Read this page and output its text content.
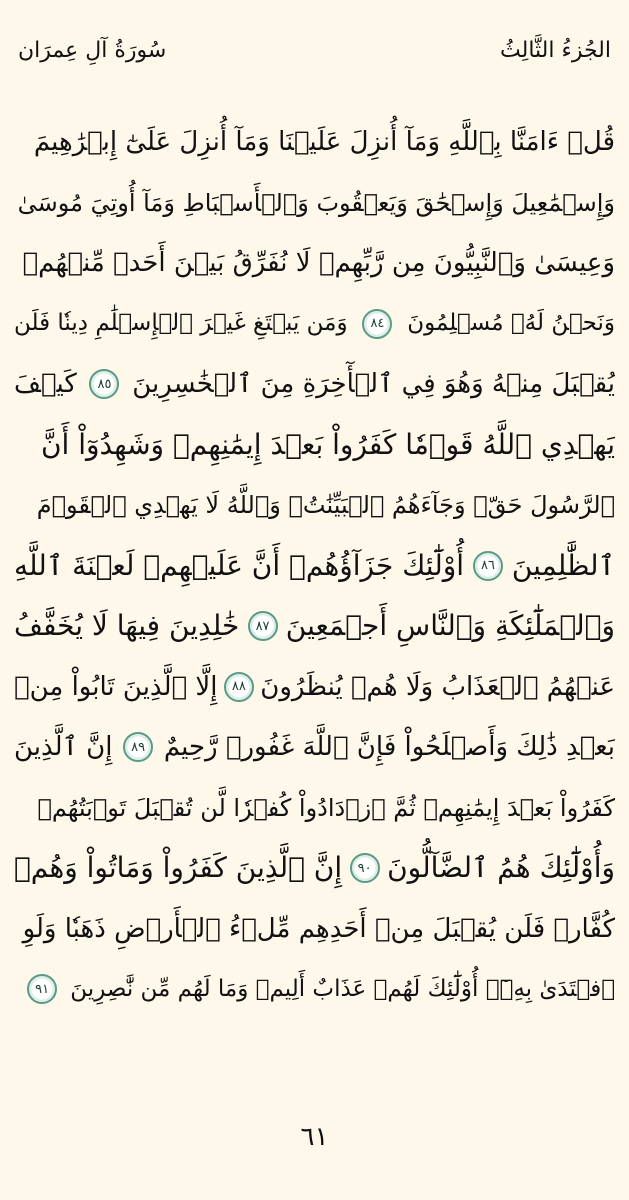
سُورَةُ آلِ عِمرَان	الجُزءُ الثَّالِثُ
قُلۡ ءَامَنَّا بِٱللَّهِ وَمَآ أُنزِلَ عَلَيۡنَا وَمَآ أُنزِلَ عَلَىٰٓ إِبۡرَٰهِيمَ
وَإِسۡمَٰعِيلَ وَإِسۡحَٰقَ وَيَعۡقُوبَ وَٱلۡأَسۡبَاطِ وَمَآ أُوتِيَ مُوسَىٰ
وَعِيسَىٰ وَٱلنَّبِيُّونَ مِن رَّبِّهِمۡ لَا نُفَرِّقُ بَيۡنَ أَحَدٖ مِّنۡهُمۡ
وَنَحۡنُ لَهُۥ مُسۡلِمُونَ
٨٤
وَمَن يَبۡتَغِ غَيۡرَ ٱلۡإِسۡلَٰمِ دِينٗا فَلَن
يُقۡبَلَ مِنۡهُ وَهُوَ فِي ٱلۡأٓخِرَةِ مِنَ ٱلۡخَٰسِرِينَ
٨٥
كَيۡفَ
يَهۡدِي ٱللَّهُ قَوۡمٗا كَفَرُواْ بَعۡدَ إِيمَٰنِهِمۡ وَشَهِدُوٓاْ أَنَّ
ٱلرَّسُولَ حَقّٞ وَجَآءَهُمُ ٱلۡبَيِّنَٰتُۚ وَٱللَّهُ لَا يَهۡدِي ٱلۡقَوۡمَ
ٱلظَّٰلِمِينَ
٨٦
أُوْلَٰٓئِكَ جَزَآؤُهُمۡ أَنَّ عَلَيۡهِمۡ لَعۡنَةَ ٱللَّهِ
وَٱلۡمَلَٰٓئِكَةِ وَٱلنَّاسِ أَجۡمَعِينَ
٨٧
خَٰلِدِينَ فِيهَا لَا يُخَفَّفُ
عَنۡهُمُ ٱلۡعَذَابُ وَلَا هُمۡ يُنظَرُونَ
٨٨
إِلَّا ٱلَّذِينَ تَابُواْ مِنۢ
بَعۡدِ ذَٰلِكَ وَأَصۡلَحُواْ فَإِنَّ ٱللَّهَ غَفُورٞ رَّحِيمٌ
٨٩
إِنَّ ٱلَّذِينَ
كَفَرُواْ بَعۡدَ إِيمَٰنِهِمۡ ثُمَّ ٱزۡدَادُواْ كُفۡرٗا لَّن تُقۡبَلَ تَوۡبَتُهُمۡ
وَأُوْلَٰٓئِكَ هُمُ ٱلضَّآلُّونَ
٩٠
إِنَّ ٱلَّذِينَ كَفَرُواْ وَمَاتُواْ وَهُمۡ
كُفَّارٞ فَلَن يُقۡبَلَ مِنۡ أَحَدِهِم مِّلۡءُ ٱلۡأَرۡضِ ذَهَبٗا وَلَوِ
ٱفۡتَدَىٰ بِهِۦٓۗ أُوْلَٰٓئِكَ لَهُمۡ عَذَابٌ أَلِيمٞ وَمَا لَهُم مِّن نَّٰصِرِينَ
٩١
٦١
